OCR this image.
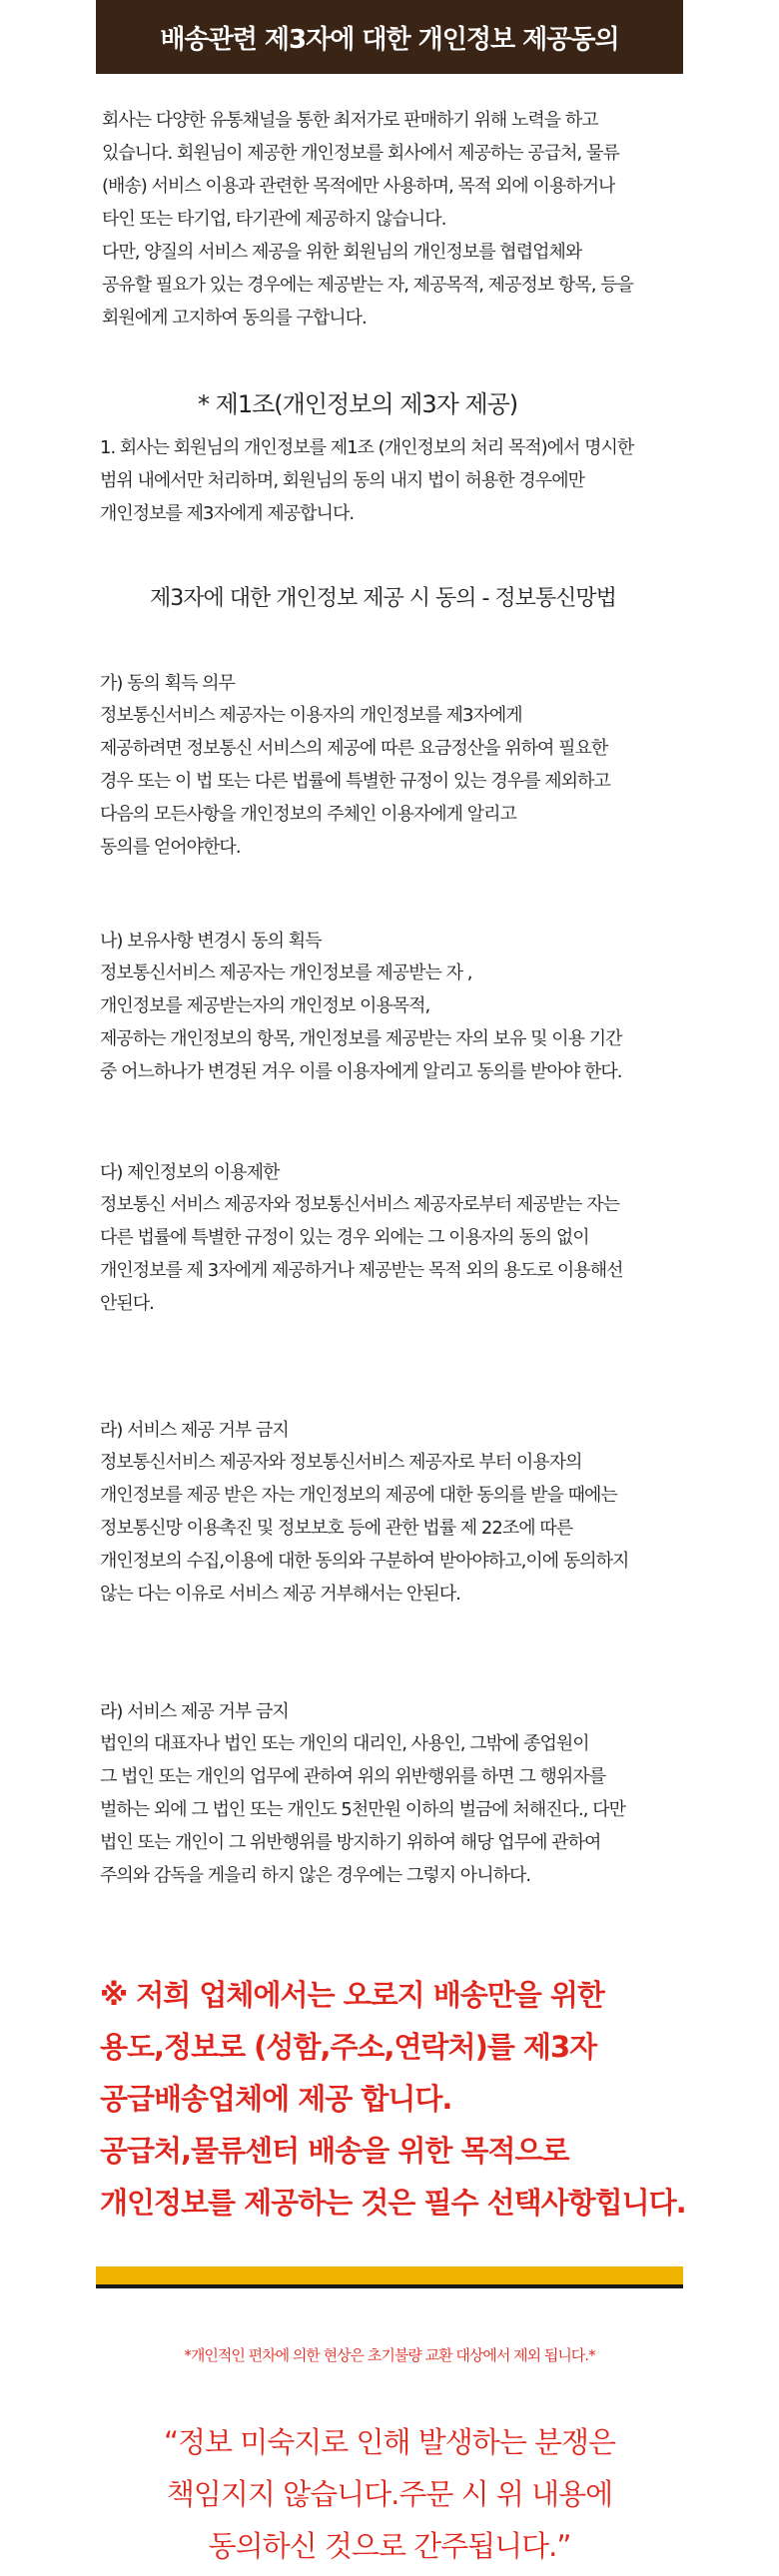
배송관련 제3자에 대한 개인정보 제공동의
회사는 다양한 유통채널을 통한 최저가로 판매하기 위해 노력을 하고
있습니다. 회원님이 제공한 개인정보를 회사에서 제공하는 공급처, 물류
(배송) 서비스 이용과 관련한 목적에만 사용하며, 목적 외에 이용하거나
타인 또는 타기업, 타기관에 제공하지 않습니다.
다만, 양질의 서비스 제공을 위한 회원님의 개인정보를 협렵업체와
공유할 필요가 있는 경우에는 제공받는 자, 제공목적, 제공정보 항목, 등을
회원에게 고지하여 동의를 구합니다.
* 제1조(개인정보의 제3자 제공)
1. 회사는 회원님의 개인정보를 제1조 (개인정보의 처리 목적)에서 명시한
범위 내에서만 처리하며, 회원님의 동의 내지 법이 허용한 경우에만
개인정보를 제3자에게 제공합니다.
제3자에 대한 개인정보 제공 시 동의 - 정보통신망법
가) 동의 획득 의무
정보통신서비스 제공자는 이용자의 개인정보를 제3자에게
제공하려면 정보통신 서비스의 제공에 따른 요금정산을 위하여 필요한
경우 또는 이 법 또는 다른 법률에 특별한 규정이 있는 경우를 제외하고
다음의 모든사항을 개인정보의 주체인 이용자에게 알리고
동의를 얻어야한다.
나) 보유사항 변경시 동의 획득
정보통신서비스 제공자는 개인정보를 제공받는 자 ,
개인정보를 제공받는자의 개인정보 이용목적,
제공하는 개인정보의 항목, 개인정보를 제공받는 자의 보유 및 이용 기간
중 어느하나가 변경된 겨우 이를 이용자에게 알리고 동의를 받아야 한다.
다) 제인정보의 이용제한
정보통신 서비스 제공자와 정보통신서비스 제공자로부터 제공받는 자는
다른 법률에 특별한 규정이 있는 경우 외에는 그 이용자의 동의 없이
개인정보를 제 3자에게 제공하거나 제공받는 목적 외의 용도로 이용해선
안된다.
라) 서비스 제공 거부 금지
정보통신서비스 제공자와 정보통신서비스 제공자로 부터 이용자의
개인정보를 제공 받은 자는 개인정보의 제공에 대한 동의를 받을 때에는
정보통신망 이용촉진 및 정보보호 등에 관한 법률 제 22조에 따른
개인정보의 수집,이용에 대한 동의와 구분하여 받아야하고,이에 동의하지
않는 다는 이유로 서비스 제공 거부해서는 안된다.
라) 서비스 제공 거부 금지
법인의 대표자나 법인 또는 개인의 대리인, 사용인, 그밖에 종업원이
그 법인 또는 개인의 업무에 관하여 위의 위반행위를 하면 그 행위자를
벌하는 외에 그 법인 또는 개인도 5천만원 이하의 벌금에 처해진다., 다만
법인 또는 개인이 그 위반행위를 방지하기 위하여 해당 업무에 관하여
주의와 감독을 게을리 하지 않은 경우에는 그렇지 아니하다.
※ 저희 업체에서는 오로지 배송만을 위한
용도,정보로 (성함,주소,연락처)를 제3자
공급배송업체에 제공 합니다.
공급처,물류센터 배송을 위한 목적으로
개인정보를 제공하는 것은 필수 선택사항힙니다.
*개인적인 편차에 의한 현상은 초기불량 교환 대상에서 제외 됩니다.*
“정보 미숙지로 인해 발생하는 분쟁은
책임지지 않습니다.주문 시 위 내용에
동의하신 것으로 간주됩니다.”
